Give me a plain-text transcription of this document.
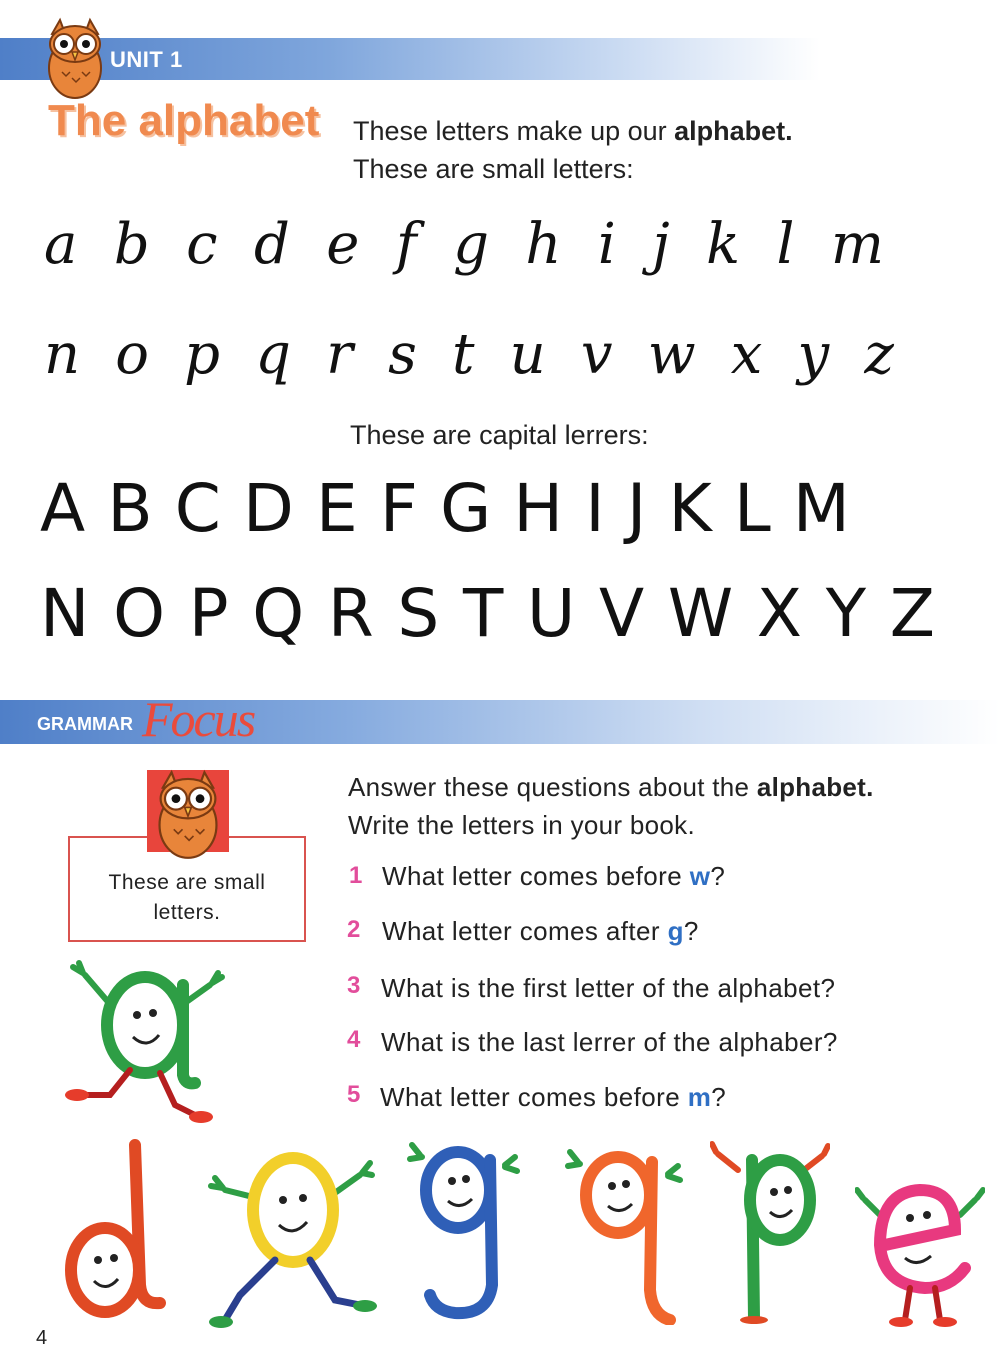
UNIT 1
The alphabet These letters make up our alphabet.
These are small letters:
a b c d e f g h i j k l m
n o p q r s t u v w x y z
These are capital lerrers:
A B C D E F G H I J K L M
N O P Q R S T U V W X Y Z
GRAMMAR Focus
These are small
letters.
Answer these questions about the alphabet.
Write the letters in your book.
1 What letter comes before w?
2 What letter comes after g?
3 What is the first letter of the alphabet?
4 What is the last lerrer of the alphaber?
5 What letter comes before m?
4
